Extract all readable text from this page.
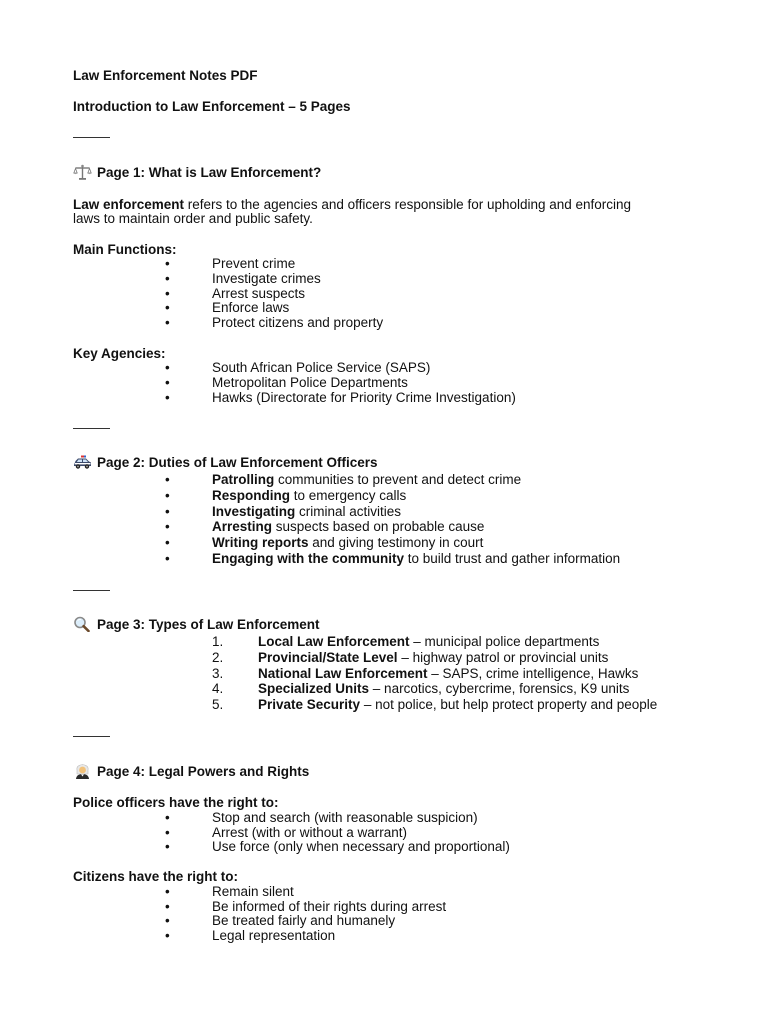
Law Enforcement Notes PDF
Introduction to Law Enforcement – 5 Pages
Page 1: What is Law Enforcement?
Law enforcement refers to the agencies and officers responsible for upholding and enforcing
laws to maintain order and public safety.
Main Functions:
•	Prevent crime
•	Investigate crimes
•	Arrest suspects
•	Enforce laws
•	Protect citizens and property
Key Agencies:
•	South African Police Service (SAPS)
•	Metropolitan Police Departments
•	Hawks (Directorate for Priority Crime Investigation)
Page 2: Duties of Law Enforcement Officers
•	Patrolling communities to prevent and detect crime
•	Responding to emergency calls
•	Investigating criminal activities
•	Arresting suspects based on probable cause
•	Writing reports and giving testimony in court
•	Engaging with the community to build trust and gather information
Page 3: Types of Law Enforcement
1.	Local Law Enforcement – municipal police departments
2.	Provincial/State Level – highway patrol or provincial units
3.	National Law Enforcement – SAPS, crime intelligence, Hawks
4.	Specialized Units – narcotics, cybercrime, forensics, K9 units
5.	Private Security – not police, but help protect property and people
Page 4: Legal Powers and Rights
Police officers have the right to:
•	Stop and search (with reasonable suspicion)
•	Arrest (with or without a warrant)
•	Use force (only when necessary and proportional)
Citizens have the right to:
•	Remain silent
•	Be informed of their rights during arrest
•	Be treated fairly and humanely
•	Legal representation
